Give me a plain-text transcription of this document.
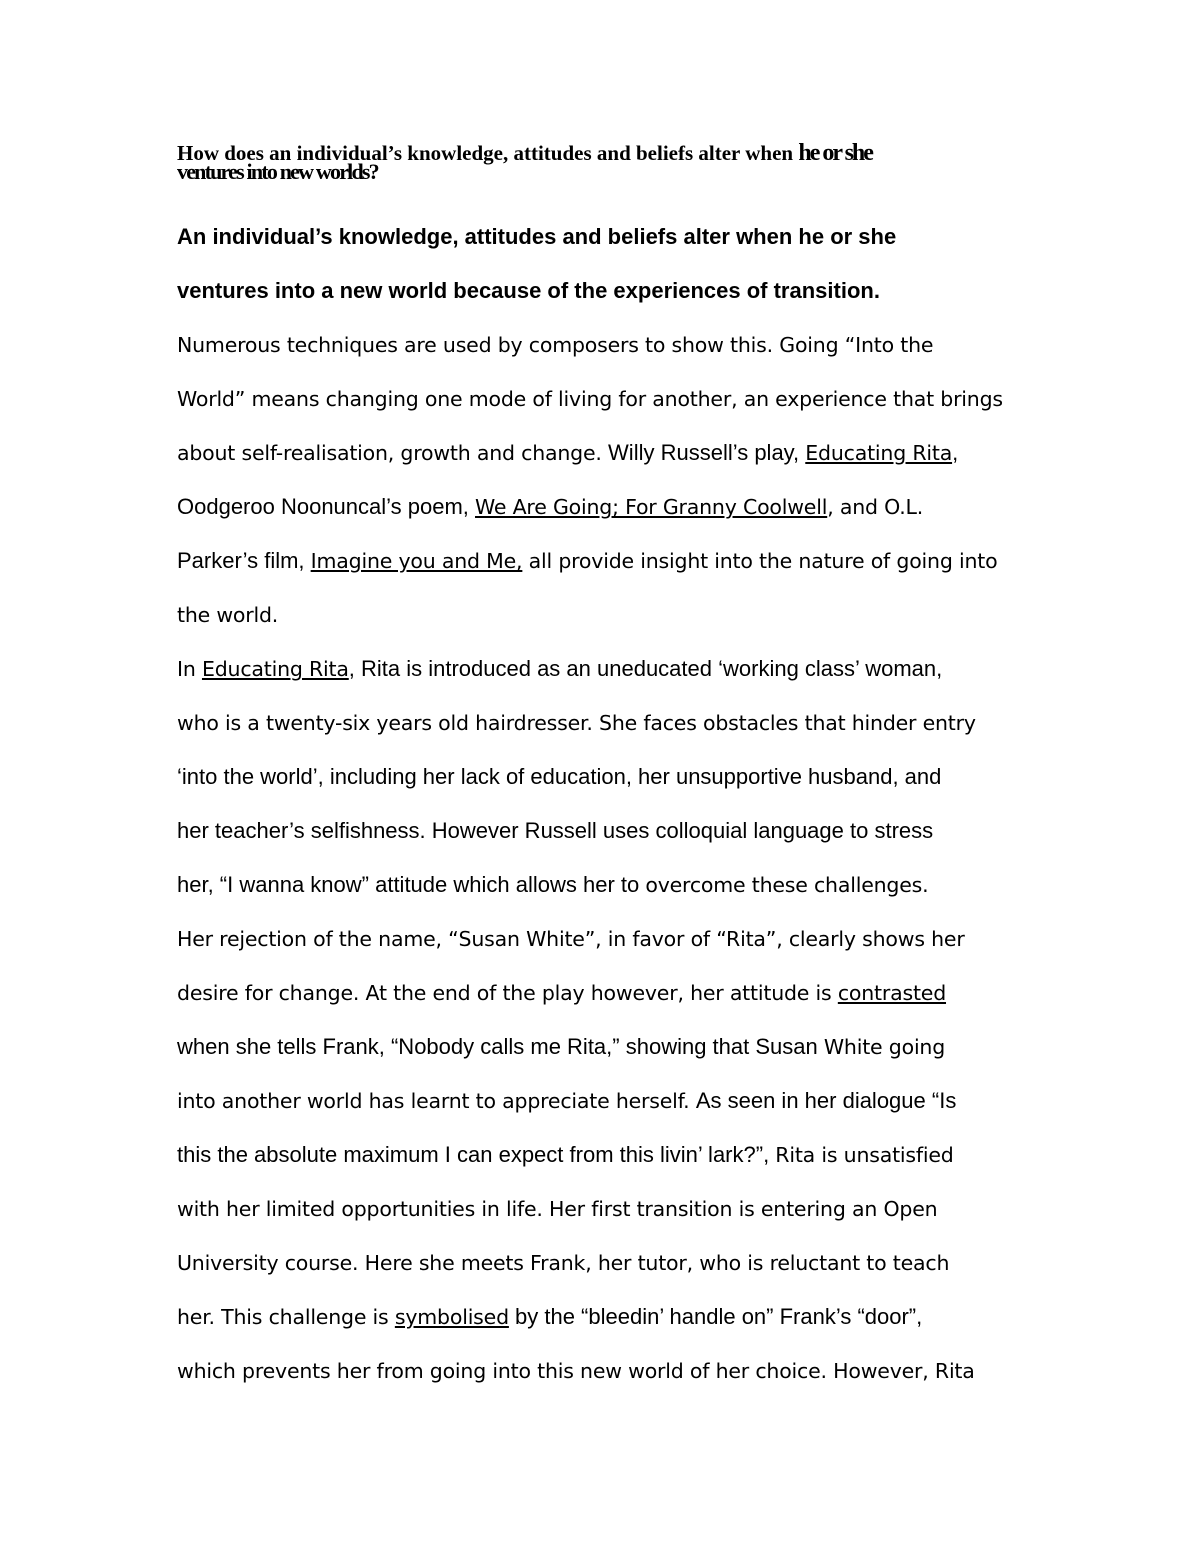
How does an individual’s knowledge, attitudes and beliefs alter when he or she
ventures into new worlds?
An individual’s knowledge, attitudes and beliefs alter when he or she
ventures into a new world because of the experiences of transition.
Numerous techniques are used by composers to show this. Going “Into the
World” means changing one mode of living for another, an experience that brings
about self-realisation, growth and change. Willy Russell’s play, Educating Rita,
Oodgeroo Noonuncal’s poem, We Are Going; For Granny Coolwell, and O.L.
Parker’s film, Imagine you and Me, all provide insight into the nature of going into
the world.
In Educating Rita, Rita is introduced as an uneducated ‘working class’ woman,
who is a twenty-six years old hairdresser. She faces obstacles that hinder entry
‘into the world’, including her lack of education, her unsupportive husband, and
her teacher’s selfishness. However Russell uses colloquial language to stress
her, “I wanna know” attitude which allows her to overcome these challenges.
Her rejection of the name, “Susan White”, in favor of “Rita”, clearly shows her
desire for change. At the end of the play however, her attitude is contrasted
when she tells Frank, “Nobody calls me Rita,” showing that Susan White going
into another world has learnt to appreciate herself. As seen in her dialogue “Is
this the absolute maximum I can expect from this livin’ lark?”, Rita is unsatisfied
with her limited opportunities in life. Her first transition is entering an Open
University course. Here she meets Frank, her tutor, who is reluctant to teach
her. This challenge is symbolised by the “bleedin’ handle on” Frank’s “door”,
which prevents her from going into this new world of her choice. However, Rita
